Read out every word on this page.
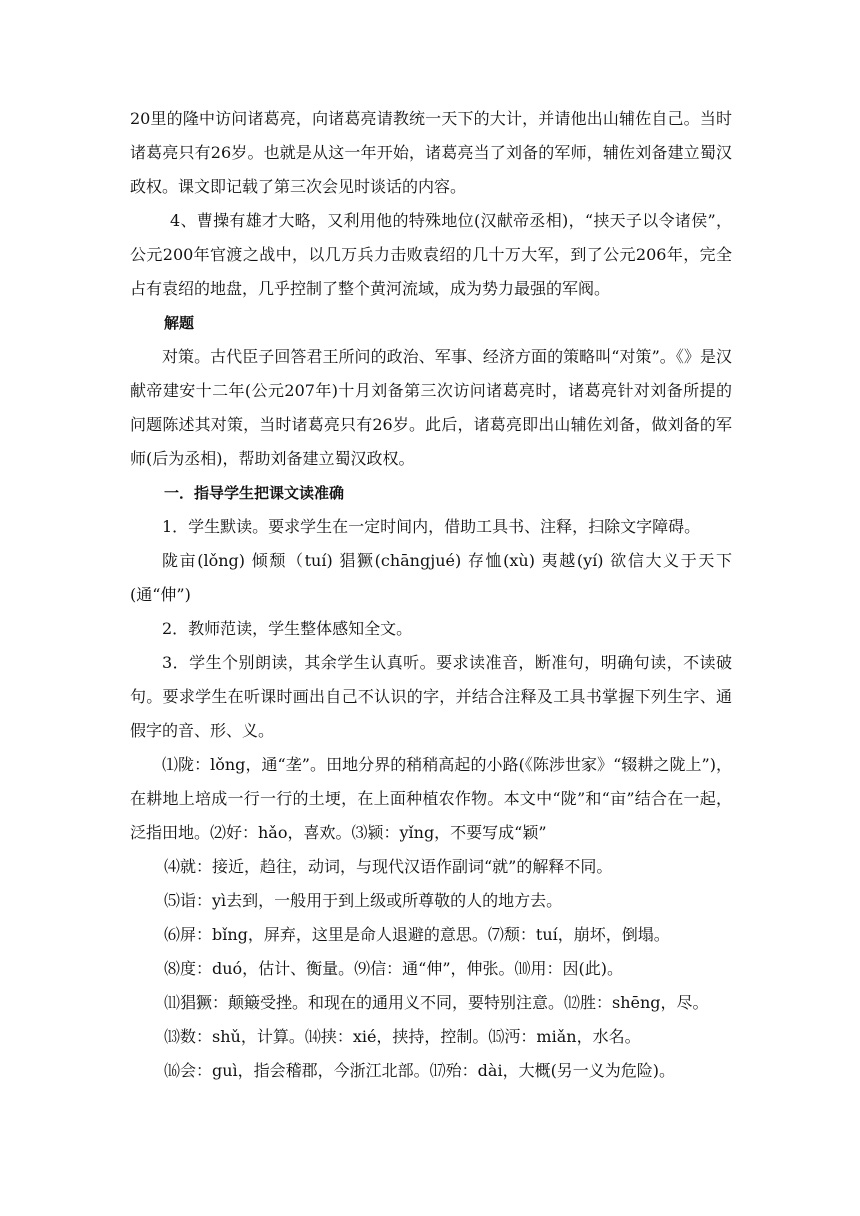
20里的隆中访问诸葛亮，向诸葛亮请教统一天下的大计，并请他出山辅佐自己。当时诸葛亮只有26岁。也就是从这一年开始，诸葛亮当了刘备的军师，辅佐刘备建立蜀汉政权。课文即记载了第三次会见时谈话的内容。

4、曹操有雄才大略，又利用他的特殊地位(汉献帝丞相)，“挟天子以令诸侯”，公元200年官渡之战中，以几万兵力击败袁绍的几十万大军，到了公元206年，完全占有袁绍的地盘，几乎控制了整个黄河流域，成为势力最强的军阀。

解题

对策。古代臣子回答君王所问的政治、军事、经济方面的策略叫“对策”。《》是汉献帝建安十二年(公元207年)十月刘备第三次访问诸葛亮时，诸葛亮针对刘备所提的问题陈述其对策，当时诸葛亮只有26岁。此后，诸葛亮即出山辅佐刘备，做刘备的军师(后为丞相)，帮助刘备建立蜀汉政权。

一．指导学生把课文读准确

1．学生默读。要求学生在一定时间内，借助工具书、注释，扫除文字障碍。

陇亩(lǒng) 倾颓（tuí) 猖獗(chāngjué) 存恤(xù) 夷越(yí) 欲信大义于天下(通“伸”)

2．教师范读，学生整体感知全文。

3．学生个别朗读，其余学生认真听。要求读准音，断准句，明确句读，不读破句。要求学生在听课时画出自己不认识的字，并结合注释及工具书掌握下列生字、通假字的音、形、义。

⑴陇：lǒng，通“垄”。田地分界的稍稍高起的小路(《陈涉世家》“辍耕之陇上”)，在耕地上培成一行一行的土埂，在上面种植农作物。本文中“陇”和“亩”结合在一起，泛指田地。⑵好：hǎo，喜欢。⑶颍：yǐng，不要写成“颖”

⑷就：接近，趋往，动词，与现代汉语作副词“就”的解释不同。

⑸诣：yì去到，一般用于到上级或所尊敬的人的地方去。

⑹屏：bǐng，屏弃，这里是命人退避的意思。⑺颓：tuí，崩坏，倒塌。

⑻度：duó，估计、衡量。⑼信：通“伸”，伸张。⑽用：因(此)。

⑾猖獗：颠簸受挫。和现在的通用义不同，要特别注意。⑿胜：shēng，尽。

⒀数：shǔ，计算。⒁挟：xié，挟持，控制。⒂沔：miǎn，水名。

⒃会：guì，指会稽郡，今浙江北部。⒄殆：dài，大概(另一义为危险)。
